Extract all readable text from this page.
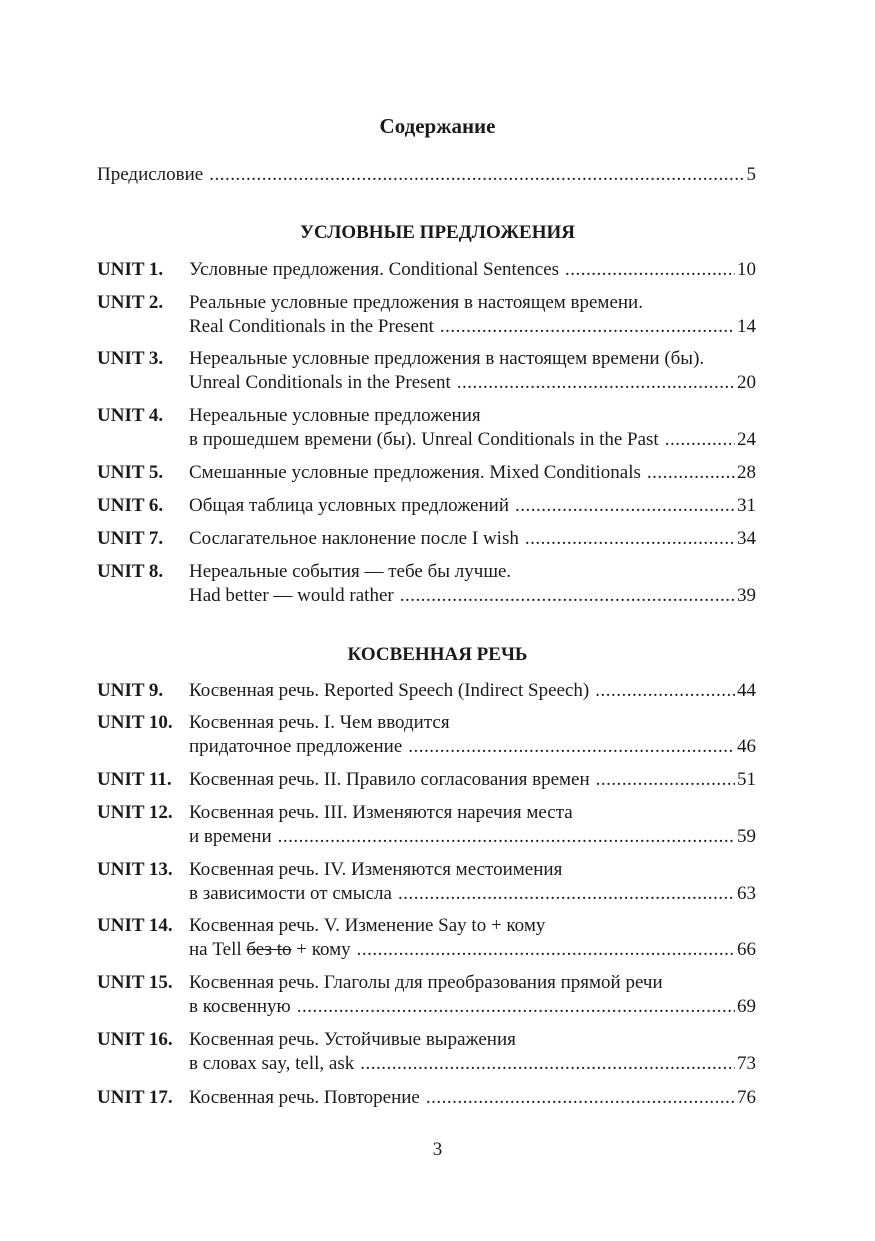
Содержание
Предисловие .....	5
УСЛОВНЫЕ ПРЕДЛОЖЕНИЯ
UNIT 1. Условные предложения. Conditional Sentences .....	10
UNIT 2. Реальные условные предложения в настоящем времени.
Real Conditionals in the Present .....	14
UNIT 3. Нереальные условные предложения в настоящем времени (бы).
Unreal Conditionals in the Present .....	20
UNIT 4. Нереальные условные предложения
в прошедшем времени (бы). Unreal Conditionals in the Past .....	24
UNIT 5. Смешанные условные предложения. Mixed Conditionals .....	28
UNIT 6. Общая таблица условных предложений .....	31
UNIT 7. Сослагательное наклонение после I wish .....	34
UNIT 8. Нереальные события — тебе бы лучше.
Had better — would rather .....	39
КОСВЕННАЯ РЕЧЬ
UNIT 9. Косвенная речь. Reported Speech (Indirect Speech) .....	44
UNIT 10. Косвенная речь. I. Чем вводится
придаточное предложение .....	46
UNIT 11. Косвенная речь. II. Правило согласования времен .....	51
UNIT 12. Косвенная речь. III. Изменяются наречия места
и времени .....	59
UNIT 13. Косвенная речь. IV. Изменяются местоимения
в зависимости от смысла .....	63
UNIT 14. Косвенная речь. V. Изменение Say to + кому
на Tell без to + кому .....	66
UNIT 15. Косвенная речь. Глаголы для преобразования прямой речи
в косвенную .....	69
UNIT 16. Косвенная речь. Устойчивые выражения
в словах say, tell, ask .....	73
UNIT 17. Косвенная речь. Повторение .....	76
3
